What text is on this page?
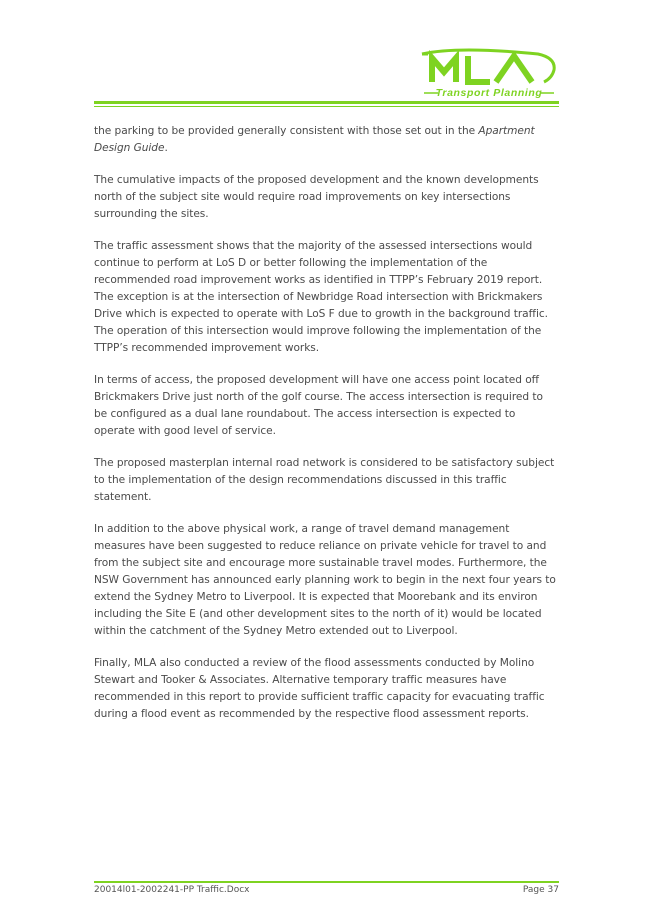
Transport Planning

the parking to be provided generally consistent with those set out in the Apartment Design Guide.

The cumulative impacts of the proposed development and the known developments north of the subject site would require road improvements on key intersections surrounding the sites.

The traffic assessment shows that the majority of the assessed intersections would continue to perform at LoS D or better following the implementation of the recommended road improvement works as identified in TTPP’s February 2019 report. The exception is at the intersection of Newbridge Road intersection with Brickmakers Drive which is expected to operate with LoS F due to growth in the background traffic. The operation of this intersection would improve following the implementation of the TTPP’s recommended improvement works.

In terms of access, the proposed development will have one access point located off Brickmakers Drive just north of the golf course. The access intersection is required to be configured as a dual lane roundabout. The access intersection is expected to operate with good level of service.

The proposed masterplan internal road network is considered to be satisfactory subject to the implementation of the design recommendations discussed in this traffic statement.

In addition to the above physical work, a range of travel demand management measures have been suggested to reduce reliance on private vehicle for travel to and from the subject site and encourage more sustainable travel modes. Furthermore, the NSW Government has announced early planning work to begin in the next four years to extend the Sydney Metro to Liverpool. It is expected that Moorebank and its environ including the Site E (and other development sites to the north of it) would be located within the catchment of the Sydney Metro extended out to Liverpool.

Finally, MLA also conducted a review of the flood assessments conducted by Molino Stewart and Tooker & Associates. Alternative temporary traffic measures have recommended in this report to provide sufficient traffic capacity for evacuating traffic during a flood event as recommended by the respective flood assessment reports.

20014l01-2002241-PP Traffic.Docx	Page 37
